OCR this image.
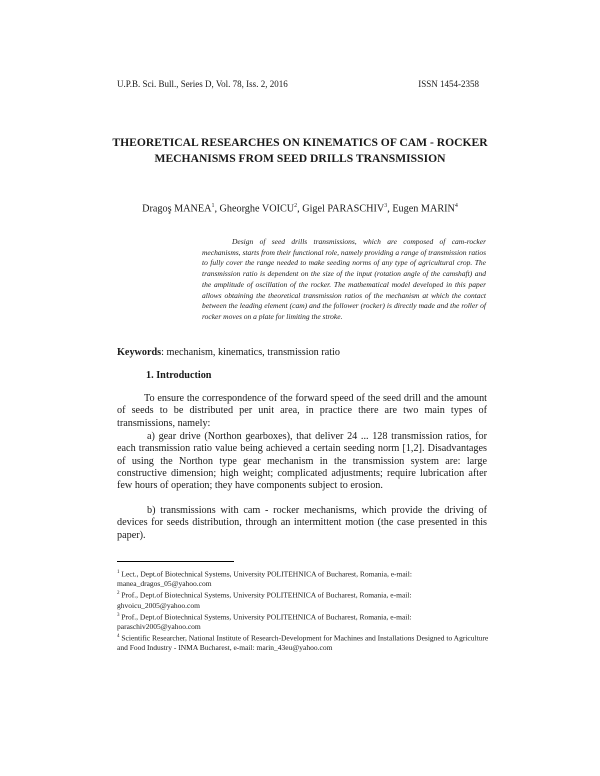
U.P.B. Sci. Bull., Series D, Vol. 78, Iss. 2, 2016	ISSN 1454-2358
THEORETICAL RESEARCHES ON KINEMATICS OF CAM - ROCKER MECHANISMS FROM SEED DRILLS TRANSMISSION
Dragoş MANEA$^1$, Gheorghe VOICU$^2$, Gigel PARASCHIV$^3$, Eugen MARIN$^4$

Design of seed drills transmissions, which are composed of cam-rocker mechanisms, starts from their functional role, namely providing a range of transmission ratios to fully cover the range needed to make seeding norms of any type of agricultural crop. The transmission ratio is dependent on the size of the input (rotation angle of the camshaft) and the amplitude of oscillation of the rocker. The mathematical model developed in this paper allows obtaining the theoretical transmission ratios of the mechanism at which the contact between the leading element (cam) and the follower (rocker) is directly made and the roller of rocker moves on a plate for limiting the stroke.

Keywords: mechanism, kinematics, transmission ratio
1. Introduction

To ensure the correspondence of the forward speed of the seed drill and the amount of seeds to be distributed per unit area, in practice there are two main types of transmissions, namely:

a) gear drive (Northon gearboxes), that deliver 24 ... 128 transmission ratios, for each transmission ratio value being achieved a certain seeding norm [1,2]. Disadvantages of using the Northon type gear mechanism in the transmission system are: large constructive dimension; high weight; complicated adjustments; require lubrication after few hours of operation; they have components subject to erosion.

b) transmissions with cam - rocker mechanisms, which provide the driving of devices for seeds distribution, through an intermittent motion (the case presented in this paper).

$^1$ Lect., Dept.of Biotechnical Systems, University POLITEHNICA of Bucharest, Romania, e-mail: manea_dragos_05@yahoo.com

$^2$ Prof., Dept.of Biotechnical Systems, University POLITEHNICA of Bucharest, Romania, e-mail: ghvoicu_2005@yahoo.com

$^3$ Prof., Dept.of Biotechnical Systems, University POLITEHNICA of Bucharest, Romania, e-mail: paraschiv2005@yahoo.com

$^4$ Scientific Researcher, National Institute of Research-Development for Machines and Installations Designed to Agriculture and Food Industry - INMA Bucharest, e-mail: marin_43eu@yahoo.com
